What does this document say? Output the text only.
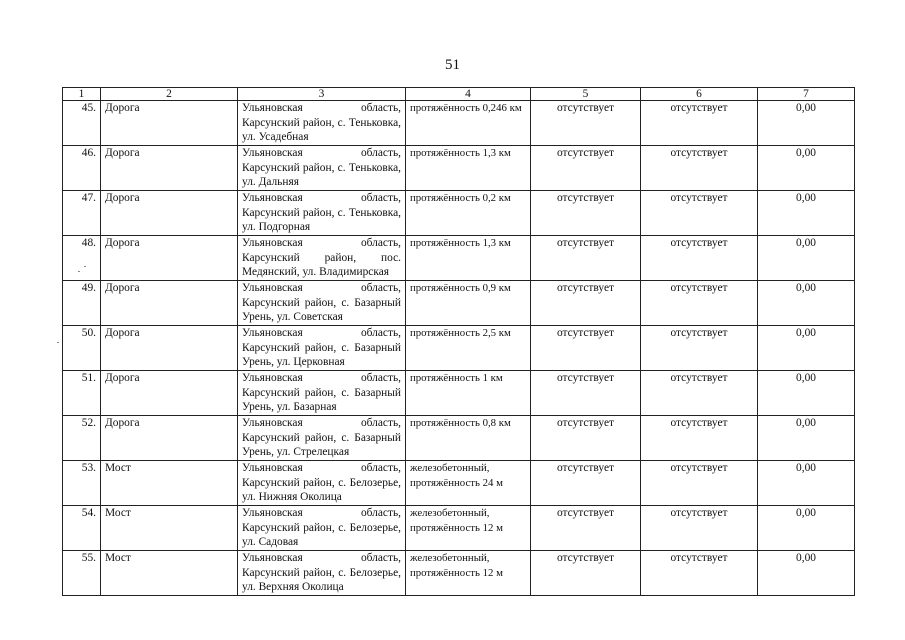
51
1	2	3	4	5	6	7
45.	Дорога	Ульяновская область, Карсунский район, с. Теньковка, ул. Усадебная	протяжённость 0,246 км	отсутствует	отсутствует	0,00
46.	Дорога	Ульяновская область, Карсунский район, с. Теньковка, ул. Дальняя	протяжённость 1,3 км	отсутствует	отсутствует	0,00
47.	Дорога	Ульяновская область, Карсунский район, с. Теньковка, ул. Подгорная	протяжённость 0,2 км	отсутствует	отсутствует	0,00
48.	Дорога	Ульяновская область, Карсунский район, пос. Медянский, ул. Владимирская	протяжённость 1,3 км	отсутствует	отсутствует	0,00
49.	Дорога	Ульяновская область, Карсунский район, с. Базарный Урень, ул. Советская	протяжённость 0,9 км	отсутствует	отсутствует	0,00
50.	Дорога	Ульяновская область, Карсунский район, с. Базарный Урень, ул. Церковная	протяжённость 2,5 км	отсутствует	отсутствует	0,00
51.	Дорога	Ульяновская область, Карсунский район, с. Базарный Урень, ул. Базарная	протяжённость 1 км	отсутствует	отсутствует	0,00
52.	Дорога	Ульяновская область, Карсунский район, с. Базарный Урень, ул. Стрелецкая	протяжённость 0,8 км	отсутствует	отсутствует	0,00
53.	Мост	Ульяновская область, Карсунский район, с. Белозерье, ул. Нижняя Околица	железобетонный, протяжённость 24 м	отсутствует	отсутствует	0,00
54.	Мост	Ульяновская область, Карсунский район, с. Белозерье, ул. Садовая	железобетонный, протяжённость 12 м	отсутствует	отсутствует	0,00
55.	Мост	Ульяновская область, Карсунский район, с. Белозерье, ул. Верхняя Околица	железобетонный, протяжённость 12 м	отсутствует	отсутствует	0,00
